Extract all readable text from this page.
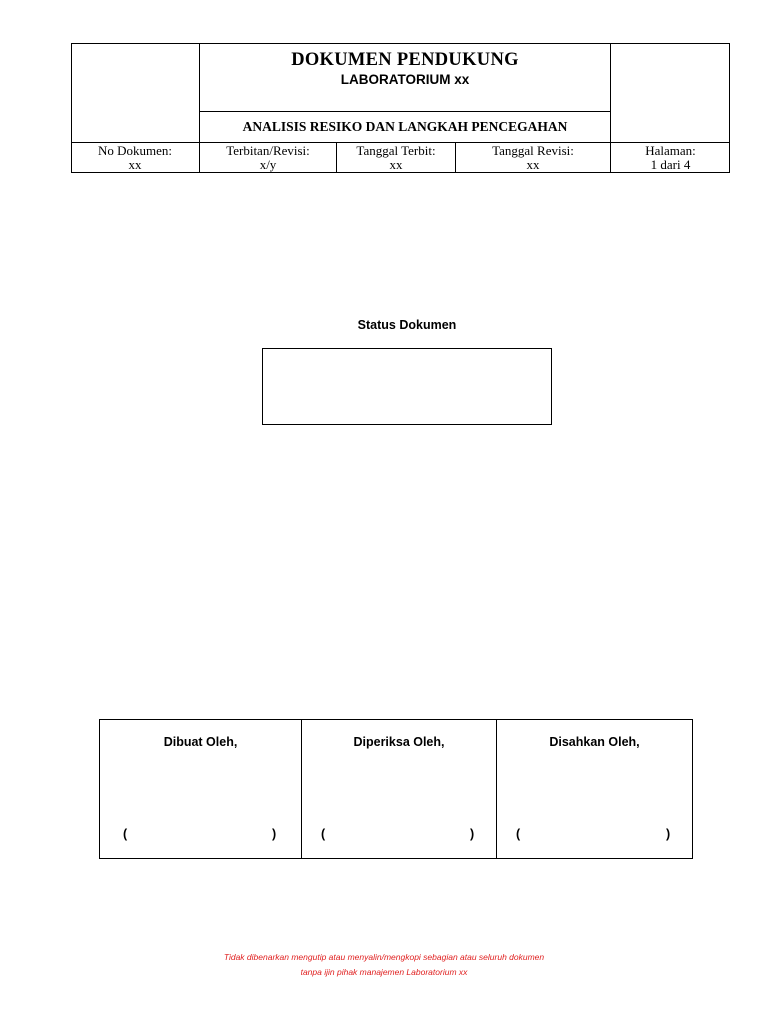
DOKUMEN PENDUKUNG
LABORATORIUM xx
ANALISIS RESIKO DAN LANGKAH PENCEGAHAN
No Dokumen:
xx
Terbitan/Revisi:
x/y
Tanggal Terbit:
xx
Tanggal Revisi:
xx
Halaman:
1 dari 4
Status Dokumen
Dibuat Oleh,
(	)
Diperiksa Oleh,
(	)
Disahkan Oleh,
(	)
Tidak dibenarkan mengutip atau menyalin/mengkopi sebagian atau seluruh dokumen
tanpa ijin pihak manajemen Laboratorium xx
